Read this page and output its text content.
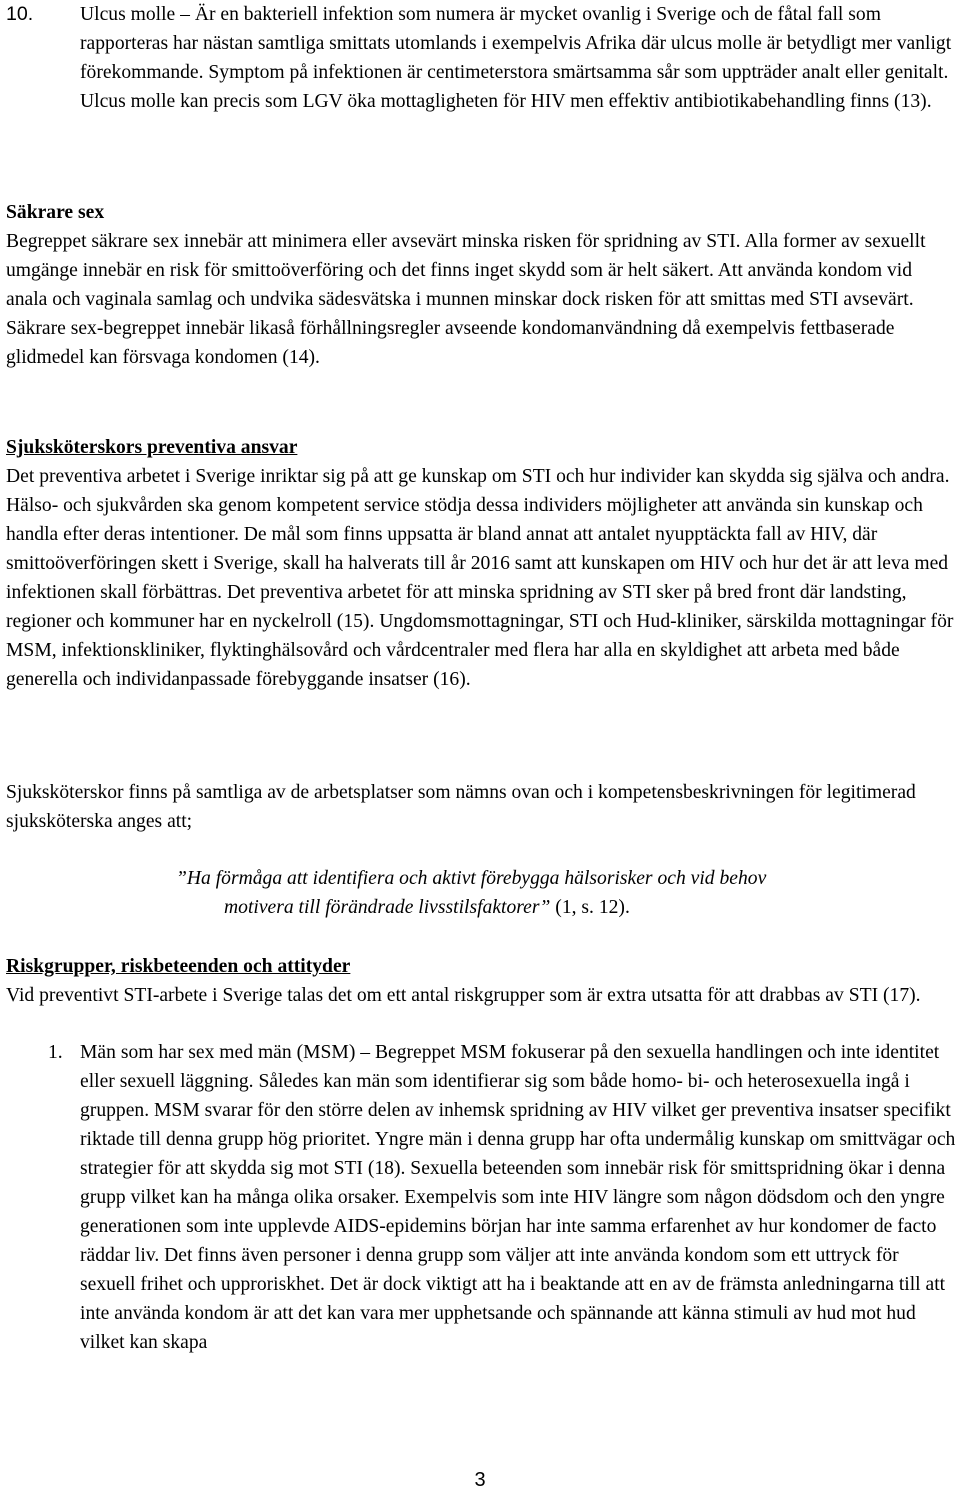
10.	Ulcus molle – Är en bakteriell infektion som numera är mycket ovanlig i Sverige och de fåtal fall som rapporteras har nästan samtliga smittats utomlands i exempelvis Afrika där ulcus molle är betydligt mer vanligt förekommande. Symptom på infektionen är centimeterstora smärtsamma sår som uppträder analt eller genitalt. Ulcus molle kan precis som LGV öka mottagligheten för HIV men effektiv antibiotikabehandling finns (13).

Säkrare sex

Begreppet säkrare sex innebär att minimera eller avsevärt minska risken för spridning av STI. Alla former av sexuellt umgänge innebär en risk för smittoöverföring och det finns inget skydd som är helt säkert. Att använda kondom vid anala och vaginala samlag och undvika sädesvätska i munnen minskar dock risken för att smittas med STI avsevärt. Säkrare sex-begreppet innebär likaså förhållningsregler avseende kondomanvändning då exempelvis fettbaserade glidmedel kan försvaga kondomen (14).

Sjuksköterskors preventiva ansvar

Det preventiva arbetet i Sverige inriktar sig på att ge kunskap om STI och hur individer kan skydda sig själva och andra. Hälso- och sjukvården ska genom kompetent service stödja dessa individers möjligheter att använda sin kunskap och handla efter deras intentioner. De mål som finns uppsatta är bland annat att antalet nyupptäckta fall av HIV, där smittoöverföringen skett i Sverige, skall ha halverats till år 2016 samt att kunskapen om HIV och hur det är att leva med infektionen skall förbättras. Det preventiva arbetet för att minska spridning av STI sker på bred front där landsting, regioner och kommuner har en nyckelroll (15). Ungdomsmottagningar, STI och Hud-kliniker, särskilda mottagningar för MSM, infektionskliniker, flyktinghälsovård och vårdcentraler med flera har alla en skyldighet att arbeta med både generella och individanpassade förebyggande insatser (16).

Sjuksköterskor finns på samtliga av de arbetsplatser som nämns ovan och i kompetensbeskrivningen för legitimerad sjuksköterska anges att;

”Ha förmåga att identifiera och aktivt förebygga hälsorisker och vid behov
motivera till förändrade livsstilsfaktorer” (1, s. 12).

Riskgrupper, riskbeteenden och attityder

Vid preventivt STI-arbete i Sverige talas det om ett antal riskgrupper som är extra utsatta för att drabbas av STI (17).

1. Män som har sex med män (MSM) – Begreppet MSM fokuserar på den sexuella handlingen och inte identitet eller sexuell läggning. Således kan män som identifierar sig som både homo- bi- och heterosexuella ingå i gruppen. MSM svarar för den större delen av inhemsk spridning av HIV vilket ger preventiva insatser specifikt riktade till denna grupp hög prioritet. Yngre män i denna grupp har ofta undermålig kunskap om smittvägar och strategier för att skydda sig mot STI (18). Sexuella beteenden som innebär risk för smittspridning ökar i denna grupp vilket kan ha många olika orsaker. Exempelvis som inte HIV längre som någon dödsdom och den yngre generationen som inte upplevde AIDS-epidemins början har inte samma erfarenhet av hur kondomer de facto räddar liv. Det finns även personer i denna grupp som väljer att inte använda kondom som ett uttryck för sexuell frihet och upproriskhet. Det är dock viktigt att ha i beaktande att en av de främsta anledningarna till att inte använda kondom är att det kan vara mer upphetsande och spännande att känna stimuli av hud mot hud vilket kan skapa

3
